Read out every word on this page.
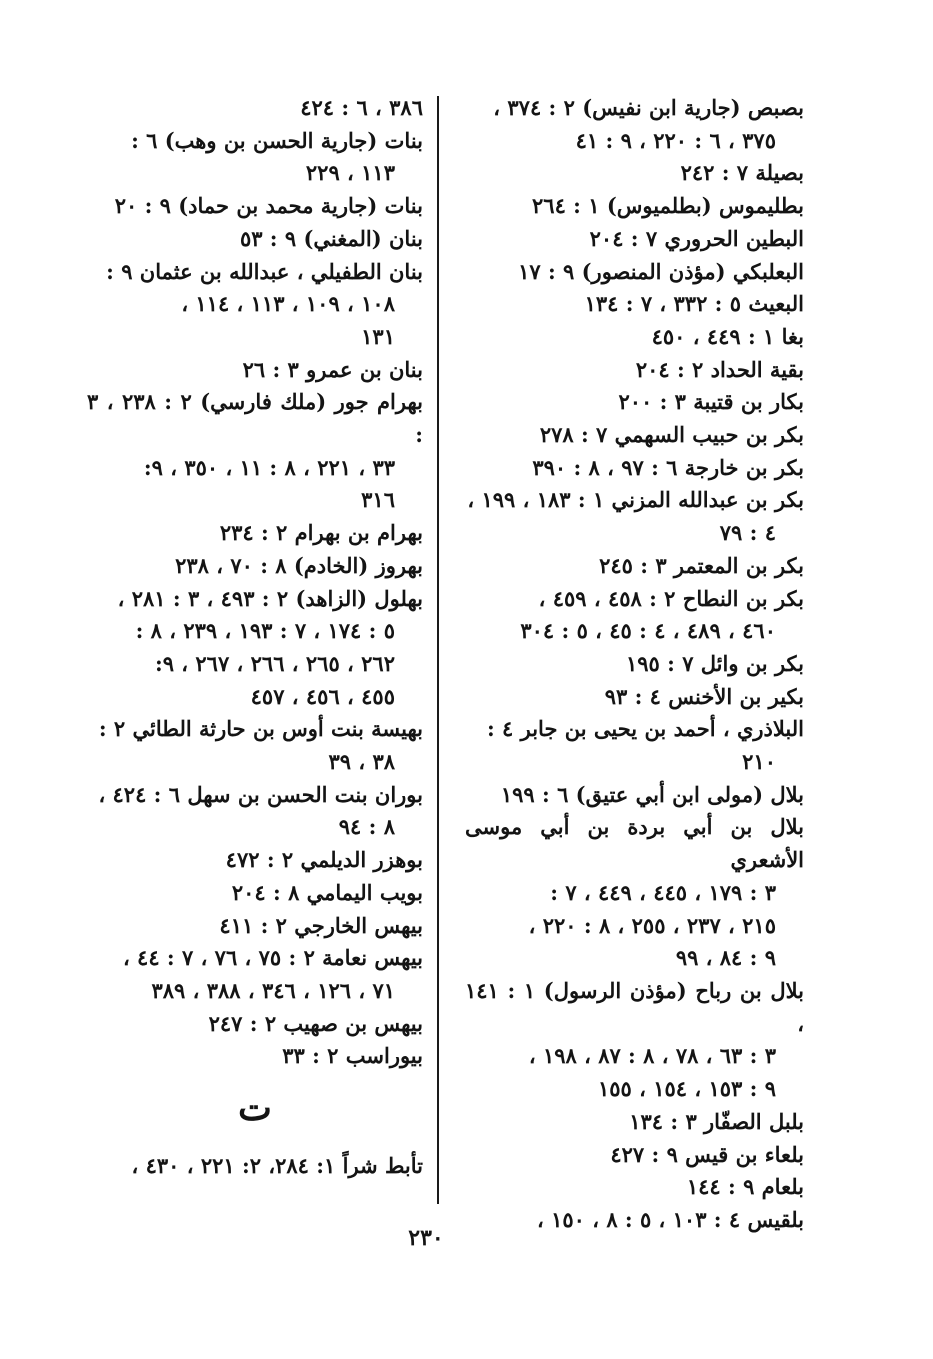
بصبص (جارية ابن نفيس) ٢ : ٣٧٤ ،
٣٧٥ ، ٦ : ٢٢٠ ، ٩ : ٤١
بصيلة ٧ : ٢٤٢
بطليموس (بطلميوس) ١ : ٢٦٤
البطين الحروري ٧ : ٢٠٤
البعلبكي (مؤذن المنصور) ٩ : ١٧
البعيث ٥ : ٣٣٢ ، ٧ : ١٣٤
بغا ١ : ٤٤٩ ، ٤٥٠
بقية الحداد ٢ : ٢٠٤
بكار بن قتيبة ٣ : ٢٠٠
بكر بن حبيب السهمي ٧ : ٢٧٨
بكر بن خارجة ٦ : ٩٧ ، ٨ : ٣٩٠
بكر بن عبدالله المزني ١ : ١٨٣ ، ١٩٩ ،
٤ : ٧٩
بكر بن المعتمر ٣ : ٢٤٥
بكر بن النطاح ٢ : ٤٥٨ ، ٤٥٩ ،
٤٦٠ ، ٤٨٩ ، ٤ : ٤٥ ، ٥ : ٣٠٤
بكر بن وائل ٧ : ١٩٥
بكير بن الأخنس ٤ : ٩٣
البلاذري ، أحمد بن يحيى بن جابر ٤ :
٢١٠
بلال (مولى ابن أبي عتيق) ٦ : ١٩٩
بلال بن أبي بردة بن أبي موسى الأشعري
٣ : ١٧٩ ، ٤٤٥ ، ٤٤٩ ، ٧ :
٢١٥ ، ٢٣٧ ، ٢٥٥ ، ٨ : ٢٢٠ ،
٩ : ٨٤ ، ٩٩
بلال بن رباح (مؤذن الرسول) ١ : ١٤١ ،
٣ : ٦٣ ، ٧٨ ، ٨ : ٨٧ ، ١٩٨ ،
٩ : ١٥٣ ، ١٥٤ ، ١٥٥
بلبل الصفّار ٣ : ١٣٤
بلعاء بن قيس ٩ : ٤٢٧
بلعام ٩ : ١٤٤
بلقيس ٤ : ١٠٣ ، ٥ : ٨ ، ١٥٠ ،
٣٨٦ ، ٦ : ٤٢٤
بنات (جارية الحسن بن وهب) ٦ :
١١٣ ، ٢٢٩
بنات (جارية محمد بن حماد) ٩ : ٢٠
بنان (المغني) ٩ : ٥٣
بنان الطفيلي ، عبدالله بن عثمان ٩ :
١٠٨ ، ١٠٩ ، ١١٣ ، ١١٤ ،
١٣١
بنان بن عمرو ٣ : ٢٦
بهرام جور (ملك فارسي) ٢ : ٢٣٨ ، ٣ :
٣٣ ، ٢٢١ ، ٨ : ١١ ، ٣٥٠ ، ٩:
٣١٦
بهرام بن بهرام ٢ : ٢٣٤
بهروز (الخادم) ٨ : ٧٠ ، ٢٣٨
بهلول (الزاهد) ٢ : ٤٩٣ ، ٣ : ٢٨١ ،
٥ : ١٧٤ ، ٧ : ١٩٣ ، ٢٣٩ ، ٨ :
٢٦٢ ، ٢٦٥ ، ٢٦٦ ، ٢٦٧ ، ٩:
٤٥٥ ، ٤٥٦ ، ٤٥٧
بهيسة بنت أوس بن حارثة الطائي ٢ :
٣٨ ، ٣٩
بوران بنت الحسن بن سهل ٦ : ٤٢٤ ،
٨ : ٩٤
بوهزر الديلمي ٢ : ٤٧٢
بويب اليمامي ٨ : ٢٠٤
بيهس الخارجي ٢ : ٤١١
بيهس نعامة ٢ : ٧٥ ، ٧٦ ، ٧ : ٤٤ ،
٧١ ، ١٢٦ ، ٣٤٦ ، ٣٨٨ ، ٣٨٩
بيهس بن صهيب ٢ : ٢٤٧
بيوراسب ٢ : ٣٣
ت
تأبط شراً ١: ٢٨٤، ٢: ٢٢١ ، ٤٣٠ ،
٢٣٠
